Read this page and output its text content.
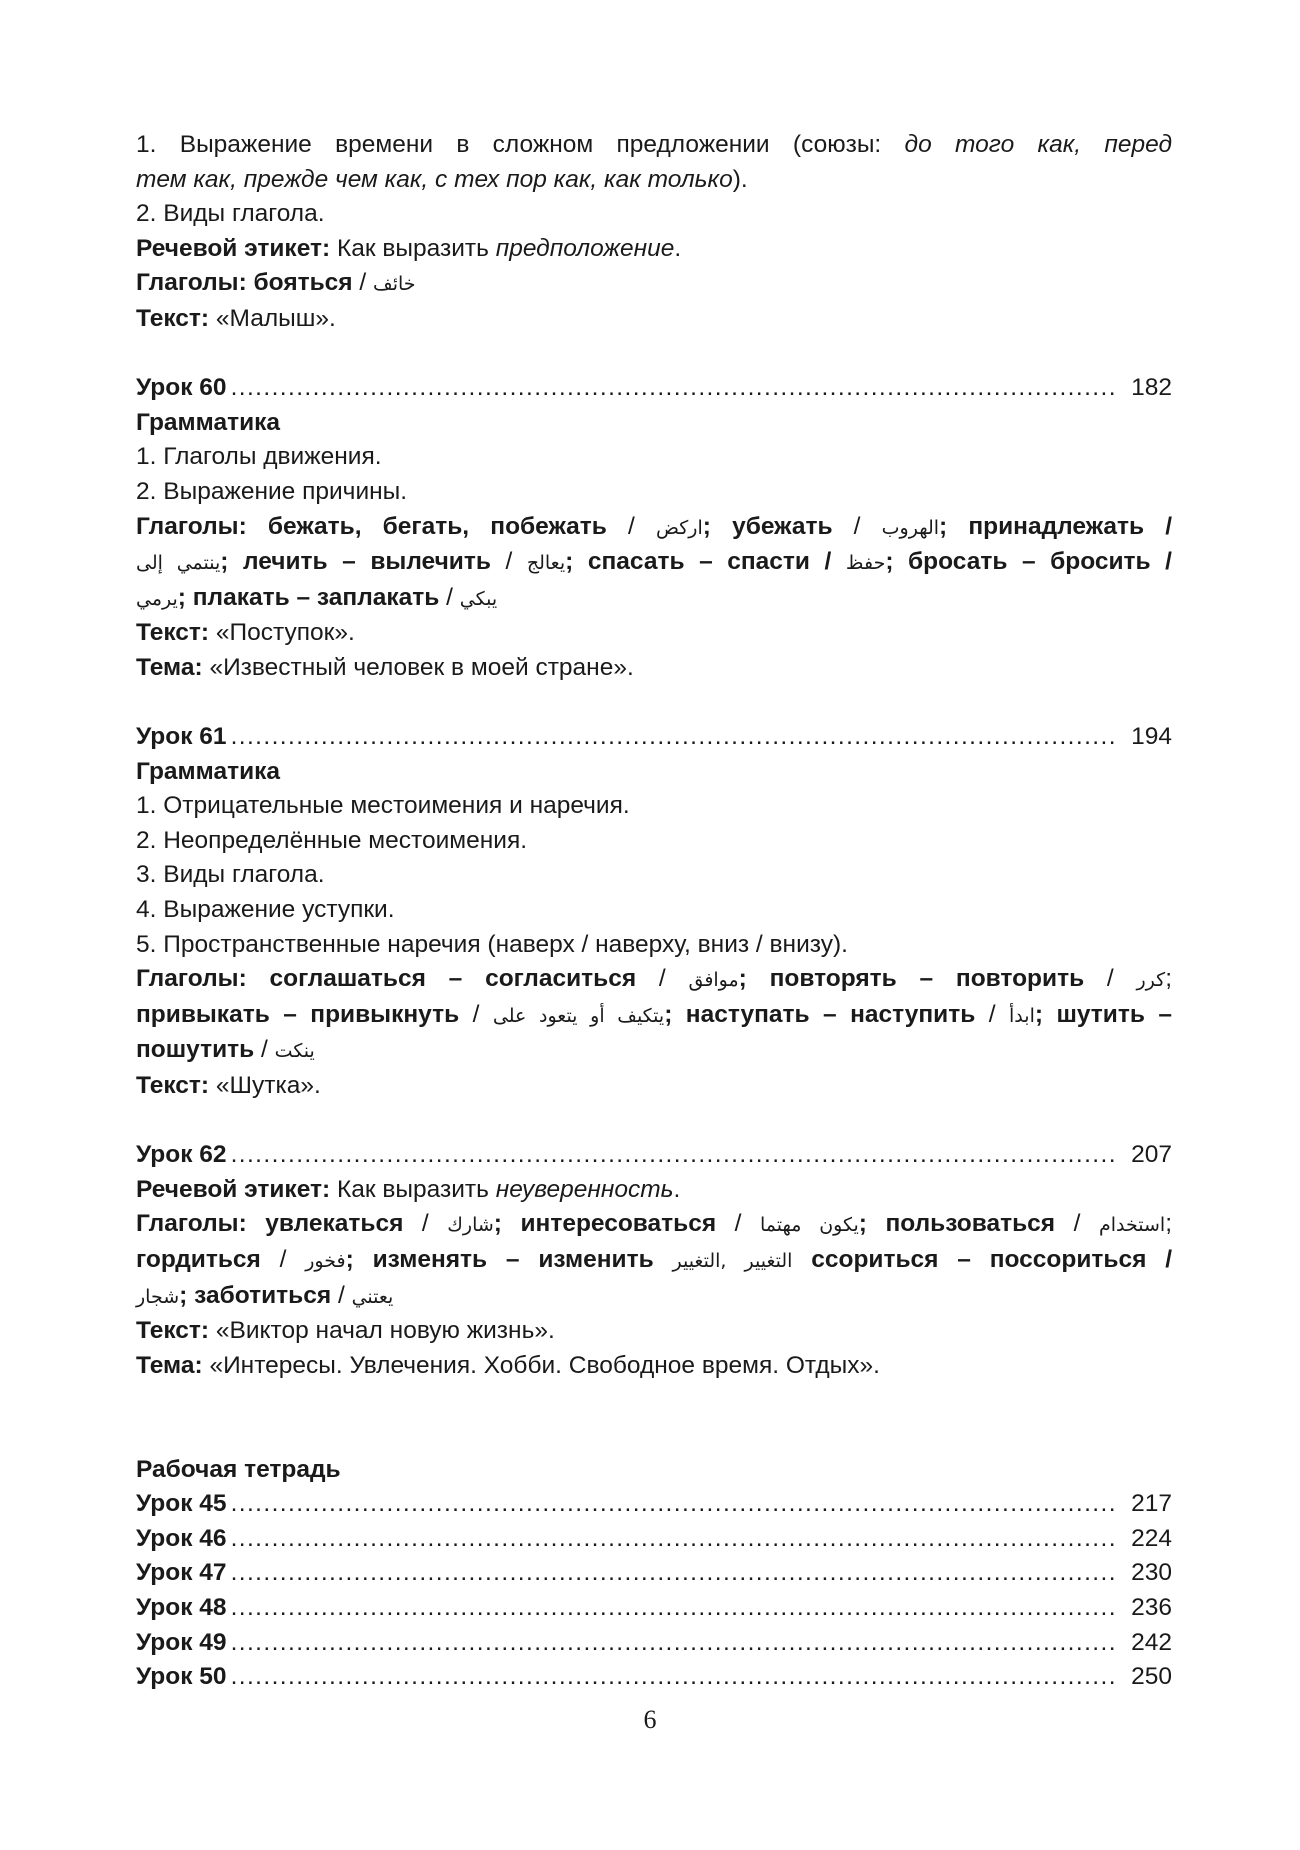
1. Выражение времени в сложном предложении (союзы: до того как, перед

тем как, прежде чем как, с тех пор как, как только).

2. Виды глагола.

Речевой этикет: Как выразить предположение.

Глаголы: бояться / خائف

Текст: «Малыш».

Урок 60 .....	182

Грамматика

1. Глаголы движения.

2. Выражение причины.

Глаголы: бежать, бегать, побежать / اركض; убежать / الهروب; принадлежать /

ينتمي إلى; лечить – вылечить / يعالج; спасать – спасти / حفظ; бросать – бросить /

يرمي; плакать – заплакать / يبكي

Текст: «Поступок».

Тема: «Известный человек в моей стране».

Урок 61 .....	194

Грамматика

1. Отрицательные местоимения и наречия.

2. Неопределённые местоимения.

3. Виды глагола.

4. Выражение уступки.

5. Пространственные наречия (наверх / наверху, вниз / внизу).

Глаголы: соглашаться – согласиться / موافق; повторять – повторить / كرر;

привыкать – привыкнуть / يتكيف أو يتعود على; наступать – наступить / ابدأ; шутить –

пошутить / ينكت

Текст: «Шутка».

Урок 62 .....	207

Речевой этикет: Как выразить неуверенность.

Глаголы: увлекаться / شارك; интересоваться / يكون مهتما; пользоваться / استخدام;

гордиться / فخور; изменять – изменить التغيير ,التغيير ссориться – поссориться /

شجار; заботиться / يعتني

Текст: «Виктор начал новую жизнь».

Тема: «Интересы. Увлечения. Хобби. Свободное время. Отдых».

Рабочая тетрадь

Урок 45 .....	217
Урок 46 .....	224
Урок 47 .....	230
Урок 48 .....	236
Урок 49 .....	242
Урок 50 .....	250
6
